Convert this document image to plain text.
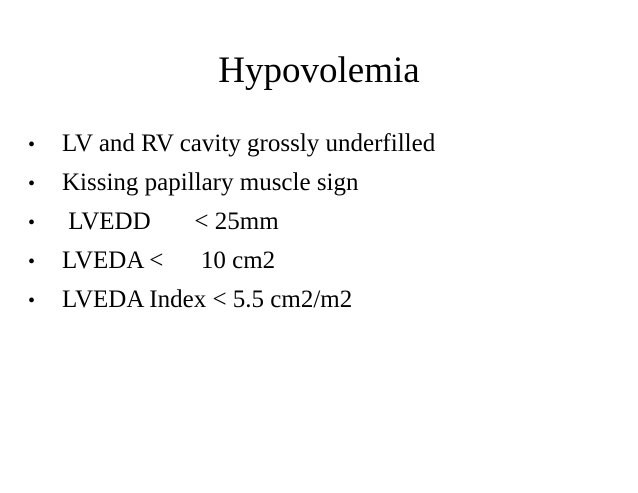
Hypovolemia
•	LV and RV cavity grossly underfilled
•	Kissing papillary muscle sign
•	LVEDD       < 25mm
•	LVEDA <      10 cm2
•	LVEDA Index < 5.5 cm2/m2
